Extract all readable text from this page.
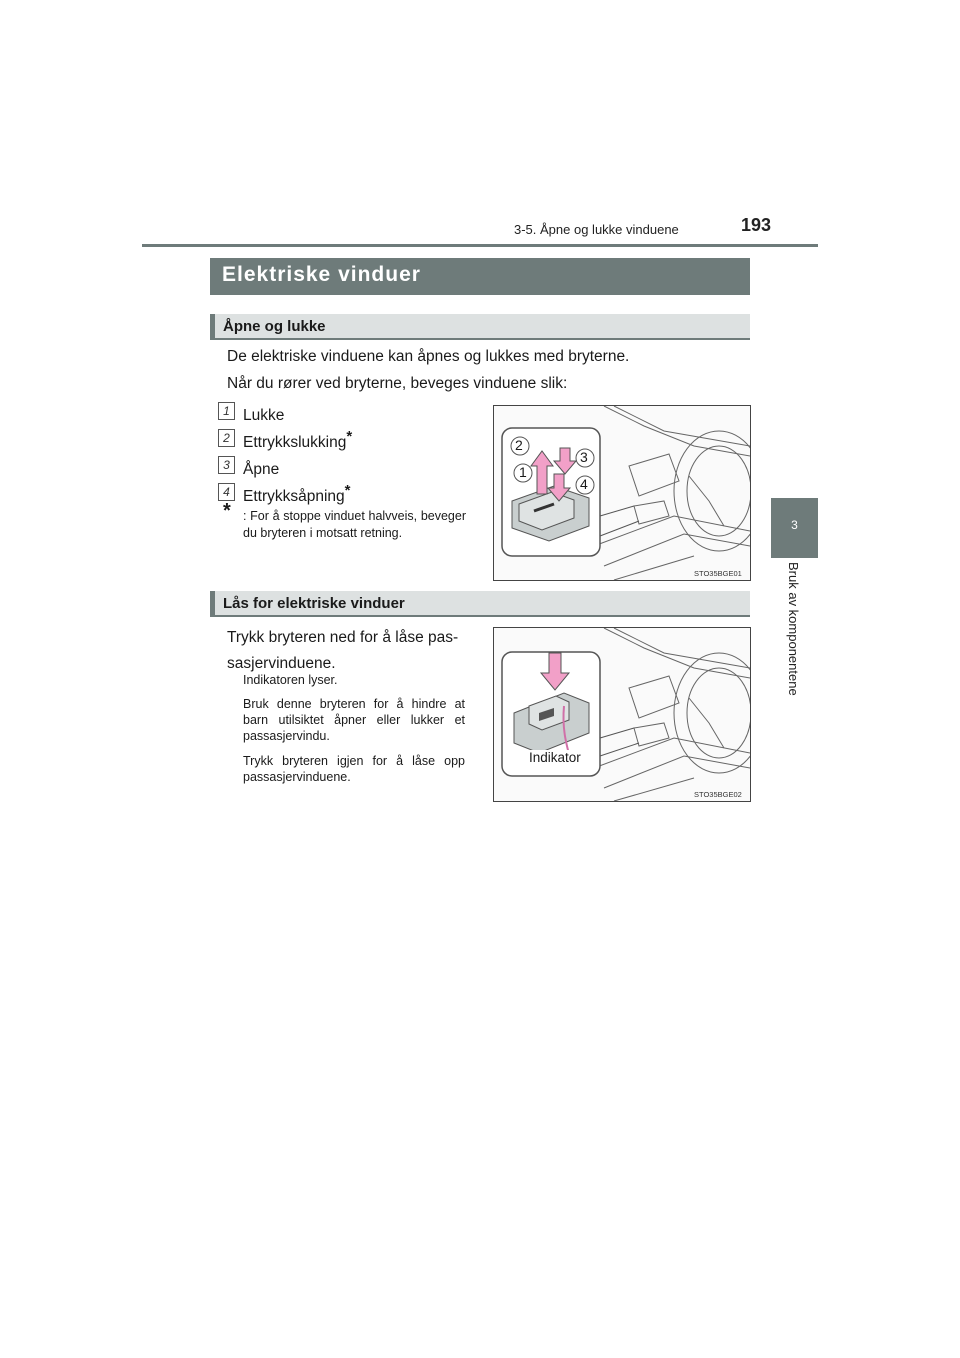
3-5. Åpne og lukke vinduene	193
3
Bruk av komponentene
Elektriske vinduer
Åpne og lukke
De elektriske vinduene kan åpnes og lukkes med bryterne.
Når du rører ved bryterne, beveges vinduene slik:
1 Lukke
2 Ettrykkslukking*
3 Åpne
4 Ettrykksåpning*
* : For å stoppe vinduet halvveis, beveger du bryteren i motsatt retning.
2
3
1
4
STO35BGE01
Lås for elektriske vinduer
Trykk bryteren ned for å låse pas-
sasjervinduene.
Indikatoren lyser.
Bruk denne bryteren for å hindre at barn utilsiktet åpner eller lukker et passasjervindu.
Trykk bryteren igjen for å låse opp passasjervinduene.
Indikator
STO35BGE02
